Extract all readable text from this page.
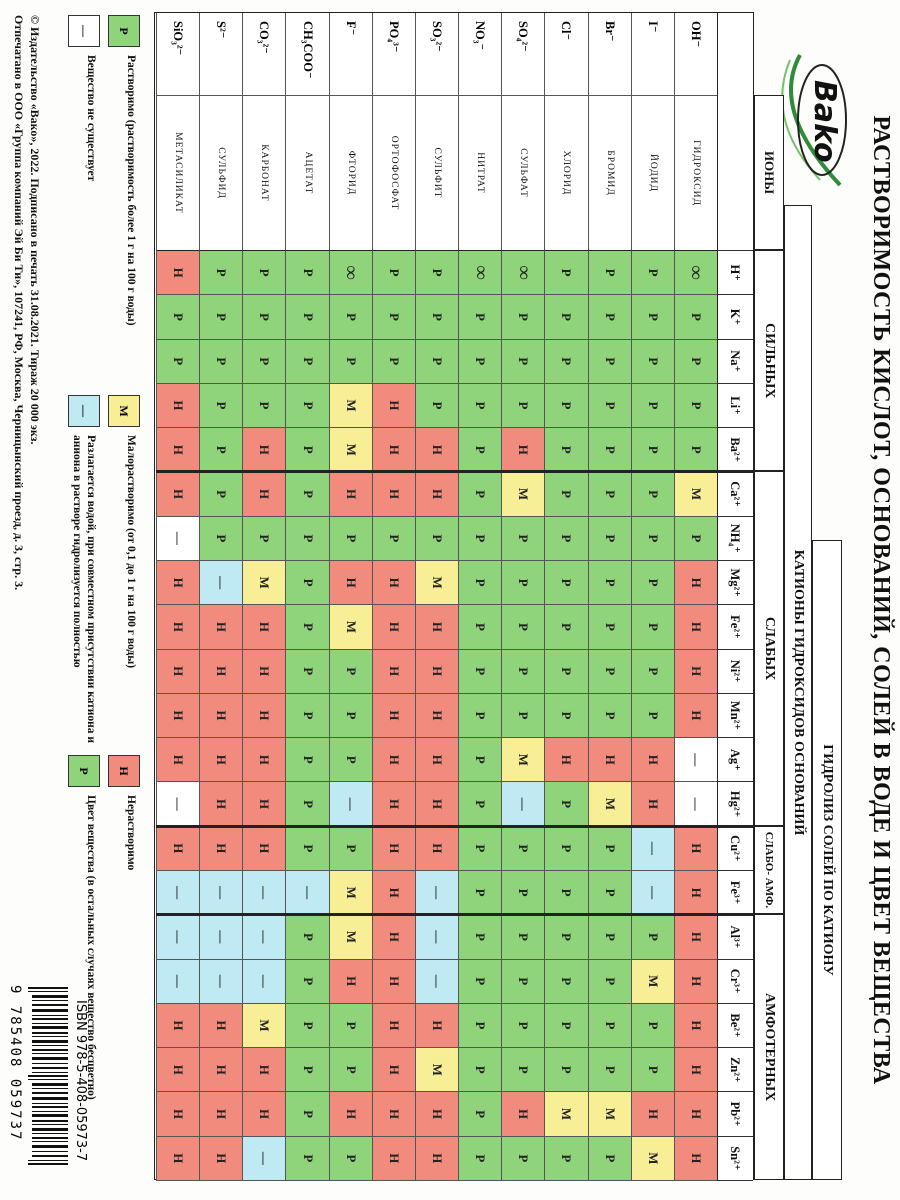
РАСТВОРИМОСТЬ КИСЛОТ, ОСНОВАНИЙ, СОЛЕЙ В ВОДЕ И ЦВЕТ ВЕЩЕСТВА
Вako
ГИДРОЛИЗ СОЛЕЙ ПО КАТИОНУ
КАТИОНЫ ГИДРОКСИДОВ ОСНОВАНИЙ
СИЛЬНЫХ
СЛАБЫХ
СЛАБО- АМФ.
АМФОТЕРНЫХ
ИОНЫ
H⁺
K⁺
Na⁺
Li⁺
Ba²⁺
Ca²⁺
NH₄⁺
Mg²⁺
Fe²⁺
Ni²⁺
Mn²⁺
Ag⁺
Hg²⁺
Cu²⁺
Fe³⁺
Al³⁺
Cr³⁺
Be²⁺
Zn²⁺
Pb²⁺
Sn²⁺
OH⁻
ГИДРОКСИД
∞
Р
Р
Р
Р
М
Р
Н
Н
Н
Н
—
—
Н
Н
Н
Н
Н
Н
Н
Н
I⁻
ЙОДИД
Р
Р
Р
Р
Р
Р
Р
Р
Р
Р
Р
Н
Н
—
—
Р
М
Р
Р
Н
М
Br⁻
БРОМИД
Р
Р
Р
Р
Р
Р
Р
Р
Р
Р
Р
Н
М
Р
Р
Р
Р
Р
Р
М
Р
Cl⁻
ХЛОРИД
Р
Р
Р
Р
Р
Р
Р
Р
Р
Р
Р
Н
Р
Р
Р
Р
Р
Р
Р
М
Р
SO₄²⁻
СУЛЬФАТ
∞
Р
Р
Р
Н
М
Р
Р
Р
Р
Р
М
—
Р
Р
Р
Р
Р
Р
Н
Р
NO₃⁻
НИТРАТ
∞
Р
Р
Р
Р
Р
Р
Р
Р
Р
Р
Р
Р
Р
Р
Р
Р
Р
Р
Р
Р
SO₃²⁻
СУЛЬФИТ
Р
Р
Р
Р
Н
Н
Р
М
Н
Н
Н
Н
Н
Н
—
—
—
Н
М
Н
Н
PO₄³⁻
ОРТОФОСФАТ
Р
Р
Р
Н
Н
Н
Р
Н
Н
Н
Н
Н
Н
Н
Н
Н
Н
Н
Н
Н
Н
F⁻
ФТОРИД
∞
Р
Р
М
М
Н
Р
Н
М
Р
Р
Р
—
Р
М
М
Н
Р
Р
Н
Р
CH₃COO⁻
АЦЕТАТ
Р
Р
Р
Р
Р
Р
Р
Р
Р
Р
Р
Р
Р
Р
—
Р
Р
Р
Р
Р
Р
CO₃²⁻
КАРБОНАТ
Р
Р
Р
Р
Н
Н
Р
М
Н
Н
Н
Н
Н
Н
—
—
—
М
Н
Н
—
S²⁻
СУЛЬФИД
Р
Р
Р
Р
Р
Р
Р
—
Н
Н
Н
Н
Н
Н
—
—
—
Н
Н
Н
Н
SiO₃²⁻
МЕТАСИЛИКАТ
Н
Р
Р
Н
Н
Н
—
Н
Н
Н
Н
Н
—
Н
—
—
—
Н
Н
Н
Н
Р
Растворимо (растворимость более 1 г на 100 г воды)
М
Малорастворимо (от 0,1 до 1 г на 100 г воды)
Н
Нерастворимо
—
Вещество не существует
—
Разлагается водой, при совместном присутствии катиона и аниона в растворе гидролизуется полностью
Р
Цвет вещества (в остальных случаях вещество бесцветно)
© Издательство «Вако», 2022. Подписано в печать 31.08.2021. Тираж 20 000 экз.
Отпечатано в ООО «Группа компаний Эй Би Ти», 107241, РФ, Москва, Черницынский проезд, д. 3, стр. 3.
ISBN 978-5-408-05973-7
9 785408 059737
